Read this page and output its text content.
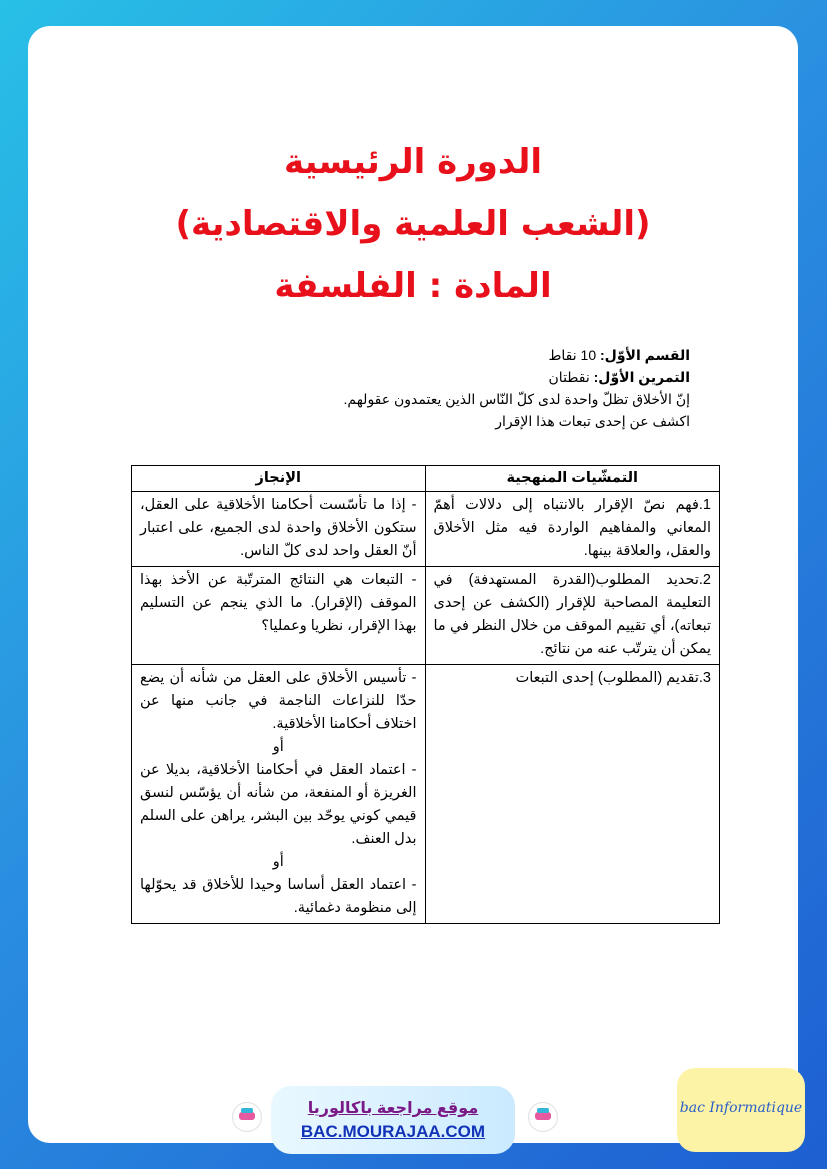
الدورة الرئيسية
(الشعب العلمية والاقتصادية)
المادة : الفلسفة
القسم الأوّل: 10 نقاط
التمرين الأوّل: نقطتان
إنّ الأخلاق تظلّ واحدة لدى كلّ النّاس الذين يعتمدون عقولهم.
اكشف عن إحدى تبعات هذا الإقرار
التمشّيات المنهجية	الإنجاز
1.فهم نصّ الإقرار بالانتباه إلى دلالات أهمّ المعاني والمفاهيم الواردة فيه مثل الأخلاق والعقل، والعلاقة بينها.	- إذا ما تأسّست أحكامنا الأخلاقية على العقل، ستكون الأخلاق واحدة لدى الجميع، على اعتبار أنّ العقل واحد لدى كلّ الناس.

2.تحديد المطلوب(القدرة المستهدفة) في التعليمة المصاحبة للإقرار (الكشف عن إحدى تبعاته)، أي تقييم الموقف من خلال النظر في ما يمكن أن يترتّب عنه من نتائج.	- التبعات هي النتائج المترتّبة عن الأخذ بهذا الموقف (الإقرار). ما الذي ينجم عن التسليم بهذا الإقرار، نظريا وعمليا؟

3.تقديم (المطلوب) إحدى التبعات	- تأسيس الأخلاق على العقل من شأنه أن يضع حدّا للنزاعات الناجمة في جانب منها عن اختلاف أحكامنا الأخلاقية.
أو
- اعتماد العقل في أحكامنا الأخلاقية، بديلا عن الغريزة أو المنفعة، من شأنه أن يؤسّس لنسق قيمي كوني يوحّد بين البشر، يراهن على السلم بدل العنف.
أو
- اعتماد العقل أساسا وحيدا للأخلاق قد يحوّلها إلى منظومة دغمائية.
موقع مراجعة باكالوريا
BAC.MOURAJAA.COM
bac Informatique
